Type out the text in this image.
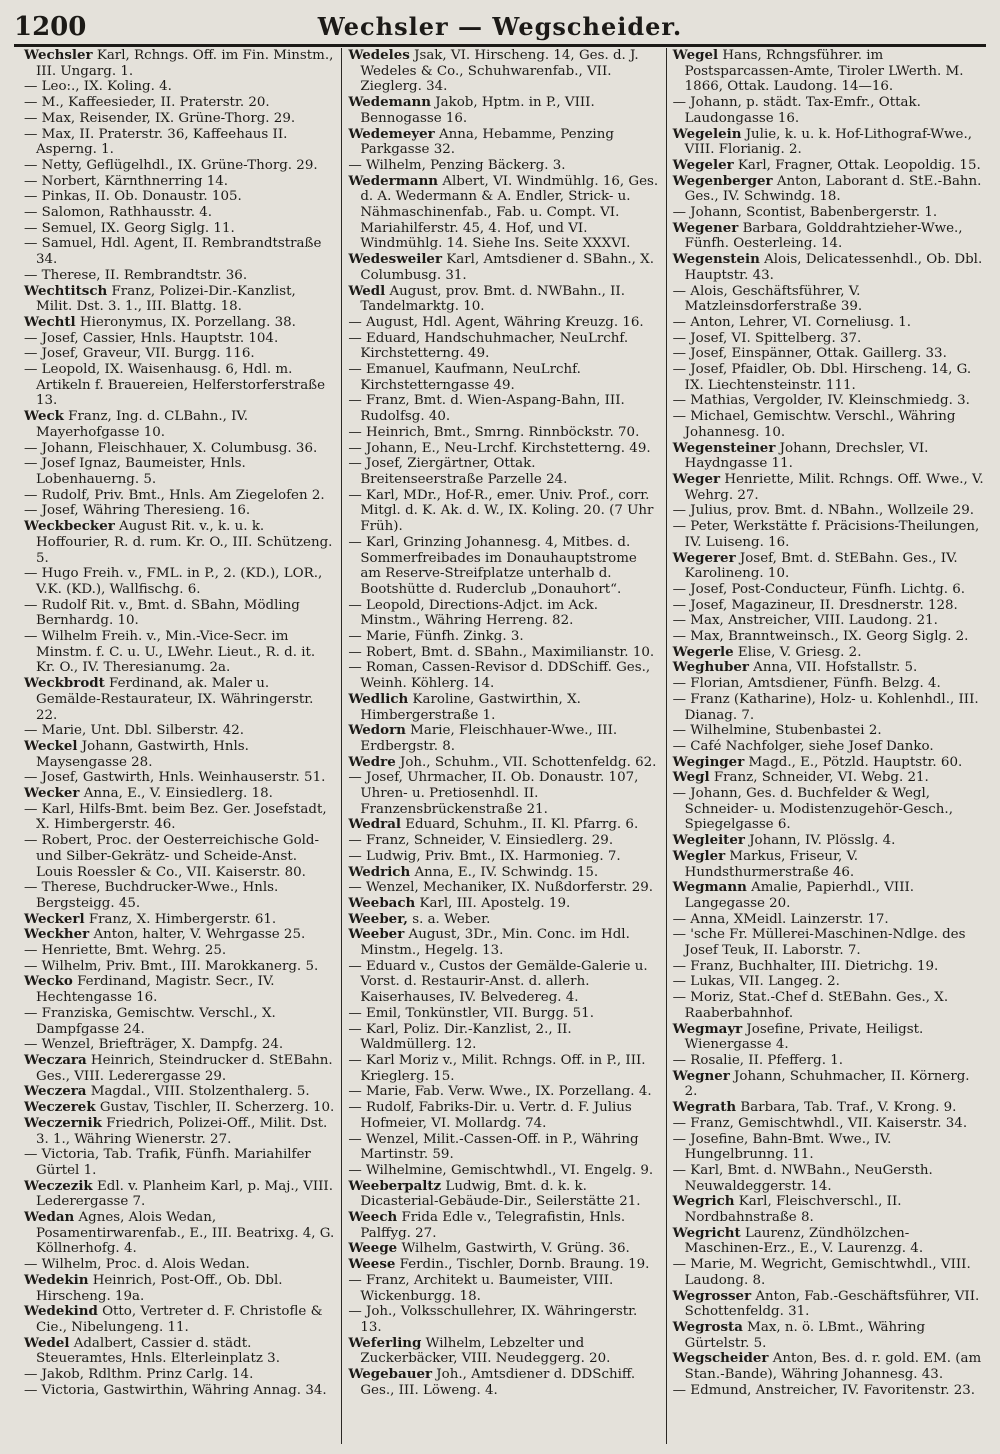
1200	Wechsler — Wegscheider.

Wechsler Karl, Rchngs. Off. im Fin. Minstm., III. Ungarg. 1.

— Leo:., IX. Koling. 4.

— M., Kaffeesieder, II. Praterstr. 20.

— Max, Reisender, IX. Grüne-Thorg. 29.

— Max, II. Praterstr. 36, Kaffeehaus II. Asperng. 1.

— Netty, Geflügelhdl., IX. Grüne-Thorg. 29.

— Norbert, Kärnthnerring 14.

— Pinkas, II. Ob. Donaustr. 105.

— Salomon, Rathhausstr. 4.

— Semuel, IX. Georg Siglg. 11.

— Samuel, Hdl. Agent, II. Rembrandtstraße 34.

— Therese, II. Rembrandtstr. 36.

Wechtitsch Franz, Polizei-Dir.-Kanzlist, Milit. Dst. 3. 1., III. Blattg. 18.

Wechtl Hieronymus, IX. Porzellang. 38.

— Josef, Cassier, Hnls. Hauptstr. 104.

— Josef, Graveur, VII. Burgg. 116.

— Leopold, IX. Waisenhausg. 6, Hdl. m. Artikeln f. Brauereien, Helferstorferstraße 13.

Weck Franz, Ing. d. CLBahn., IV. Mayerhofgasse 10.

— Johann, Fleischhauer, X. Columbusg. 36.

— Josef Ignaz, Baumeister, Hnls. Lobenhauerng. 5.

— Rudolf, Priv. Bmt., Hnls. Am Ziegelofen 2.

— Josef, Währing Theresieng. 16.

Weckbecker August Rit. v., k. u. k. Hoffourier, R. d. rum. Kr. O., III. Schützeng. 5.

— Hugo Freih. v., FML. in P., 2. (KD.), LOR., V.K. (KD.), Wallfischg. 6.

— Rudolf Rit. v., Bmt. d. SBahn, Mödling Bernhardg. 10.

— Wilhelm Freih. v., Min.-Vice-Secr. im Minstm. f. C. u. U., LWehr. Lieut., R. d. it. Kr. O., IV. Theresianumg. 2a.

Weckbrodt Ferdinand, ak. Maler u. Gemälde-Restaurateur, IX. Währingerstr. 22.

— Marie, Unt. Dbl. Silberstr. 42.

Weckel Johann, Gastwirth, Hnls. Maysengasse 28.

— Josef, Gastwirth, Hnls. Weinhauserstr. 51.

Wecker Anna, E., V. Einsiedlerg. 18.

— Karl, Hilfs-Bmt. beim Bez. Ger. Josefstadt, X. Himbergerstr. 46.

— Robert, Proc. der Oesterreichische Gold- und Silber-Gekrätz- und Scheide-Anst. Louis Roessler & Co., VII. Kaiserstr. 80.

— Therese, Buchdrucker-Wwe., Hnls. Bergsteigg. 45.

Weckerl Franz, X. Himbergerstr. 61.

Weckher Anton, halter, V. Wehrgasse 25.

— Henriette, Bmt. Wehrg. 25.

— Wilhelm, Priv. Bmt., III. Marokkanerg. 5.

Wecko Ferdinand, Magistr. Secr., IV. Hechtengasse 16.

— Franziska, Gemischtw. Verschl., X. Dampfgasse 24.

— Wenzel, Briefträger, X. Dampfg. 24.

Weczara Heinrich, Steindrucker d. StEBahn. Ges., VIII. Lederergasse 29.

Weczera Magdal., VIII. Stolzenthalerg. 5.

Weczerek Gustav, Tischler, II. Scherzerg. 10.

Weczernik Friedrich, Polizei-Off., Milit. Dst. 3. 1., Währing Wienerstr. 27.

— Victoria, Tab. Trafik, Fünfh. Mariahilfer Gürtel 1.

Weczezik Edl. v. Planheim Karl, p. Maj., VIII. Lederergasse 7.

Wedan Agnes, Alois Wedan, Posamentirwarenfab., E., III. Beatrixg. 4, G. Köllnerhofg. 4.

— Wilhelm, Proc. d. Alois Wedan.

Wedekin Heinrich, Post-Off., Ob. Dbl. Hirscheng. 19a.

Wedekind Otto, Vertreter d. F. Christofle & Cie., Nibelungeng. 11.

Wedel Adalbert, Cassier d. städt. Steueramtes, Hnls. Elterleinplatz 3.

— Jakob, Rdlthm. Prinz Carlg. 14.

— Victoria, Gastwirthin, Währing Annag. 34.

Wedeles Jsak, VI. Hirscheng. 14, Ges. d. J. Wedeles & Co., Schuhwarenfab., VII. Zieglerg. 34.

Wedemann Jakob, Hptm. in P., VIII. Bennogasse 16.

Wedemeyer Anna, Hebamme, Penzing Parkgasse 32.

— Wilhelm, Penzing Bäckerg. 3.

Wedermann Albert, VI. Windmühlg. 16, Ges. d. A. Wedermann & A. Endler, Strick- u. Nähmaschinenfab., Fab. u. Compt. VI. Mariahilferstr. 45, 4. Hof, und VI. Windmühlg. 14. Siehe Ins. Seite XXXVI.

Wedesweiler Karl, Amtsdiener d. SBahn., X. Columbusg. 31.

Wedl August, prov. Bmt. d. NWBahn., II. Tandelmarktg. 10.

— August, Hdl. Agent, Währing Kreuzg. 16.

— Eduard, Handschuhmacher, NeuLrchf. Kirchstetterng. 49.

— Emanuel, Kaufmann, NeuLrchf. Kirchstetterngasse 49.

— Franz, Bmt. d. Wien-Aspang-Bahn, III. Rudolfsg. 40.

— Heinrich, Bmt., Smrng. Rinnböckstr. 70.

— Johann, E., Neu-Lrchf. Kirchstetterng. 49.

— Josef, Ziergärtner, Ottak. Breitenseerstraße Parzelle 24.

— Karl, MDr., Hof-R., emer. Univ. Prof., corr. Mitgl. d. K. Ak. d. W., IX. Koling. 20. (7 Uhr Früh).

— Karl, Grinzing Johannesg. 4, Mitbes. d. Sommerfreibades im Donauhauptstrome am Reserve-Streifplatze unterhalb d. Bootshütte d. Ruderclub „Donauhort“.

— Leopold, Directions-Adjct. im Ack. Minstm., Währing Herreng. 82.

— Marie, Fünfh. Zinkg. 3.

— Robert, Bmt. d. SBahn., Maximilianstr. 10.

— Roman, Cassen-Revisor d. DDSchiff. Ges., Weinh. Köhlerg. 14.

Wedlich Karoline, Gastwirthin, X. Himbergerstraße 1.

Wedorn Marie, Fleischhauer-Wwe., III. Erdbergstr. 8.

Wedre Joh., Schuhm., VII. Schottenfeldg. 62.

— Josef, Uhrmacher, II. Ob. Donaustr. 107, Uhren- u. Pretiosenhdl. II. Franzensbrückenstraße 21.

Wedral Eduard, Schuhm., II. Kl. Pfarrg. 6.

— Franz, Schneider, V. Einsiedlerg. 29.

— Ludwig, Priv. Bmt., IX. Harmonieg. 7.

Wedrich Anna, E., IV. Schwindg. 15.

— Wenzel, Mechaniker, IX. Nußdorferstr. 29.

Weebach Karl, III. Apostelg. 19.

Weeber, s. a. Weber.

Weeber August, 3Dr., Min. Conc. im Hdl. Minstm., Hegelg. 13.

— Eduard v., Custos der Gemälde-Galerie u. Vorst. d. Restaurir-Anst. d. allerh. Kaiserhauses, IV. Belvedereg. 4.

— Emil, Tonkünstler, VII. Burgg. 51.

— Karl, Poliz. Dir.-Kanzlist, 2., II. Waldmüllerg. 12.

— Karl Moriz v., Milit. Rchngs. Off. in P., III. Krieglerg. 15.

— Marie, Fab. Verw. Wwe., IX. Porzellang. 4.

— Rudolf, Fabriks-Dir. u. Vertr. d. F. Julius Hofmeier, VI. Mollardg. 74.

— Wenzel, Milit.-Cassen-Off. in P., Währing Martinstr. 59.

— Wilhelmine, Gemischtwhdl., VI. Engelg. 9.

Weeberpaltz Ludwig, Bmt. d. k. k. Dicasterial-Gebäude-Dir., Seilerstätte 21.

Weech Frida Edle v., Telegrafistin, Hnls. Palffyg. 27.

Weege Wilhelm, Gastwirth, V. Grüng. 36.

Weese Ferdin., Tischler, Dornb. Braung. 19.

— Franz, Architekt u. Baumeister, VIII. Wickenburgg. 18.

— Joh., Volksschullehrer, IX. Währingerstr. 13.

Weferling Wilhelm, Lebzelter und Zuckerbäcker, VIII. Neudeggerg. 20.

Wegebauer Joh., Amtsdiener d. DDSchiff. Ges., III. Löweng. 4.

Wegel Hans, Rchngsführer. im Postsparcassen-Amte, Tiroler LWerth. M. 1866, Ottak. Laudong. 14—16.

— Johann, p. städt. Tax-Emfr., Ottak. Laudongasse 16.

Wegelein Julie, k. u. k. Hof-Lithograf-Wwe., VIII. Florianig. 2.

Wegeler Karl, Fragner, Ottak. Leopoldig. 15.

Wegenberger Anton, Laborant d. StE.-Bahn. Ges., IV. Schwindg. 18.

— Johann, Scontist, Babenbergerstr. 1.

Wegener Barbara, Golddrahtzieher-Wwe., Fünfh. Oesterleing. 14.

Wegenstein Alois, Delicatessenhdl., Ob. Dbl. Hauptstr. 43.

— Alois, Geschäftsführer, V. Matzleinsdorferstraße 39.

— Anton, Lehrer, VI. Corneliusg. 1.

— Josef, VI. Spittelberg. 37.

— Josef, Einspänner, Ottak. Gaillerg. 33.

— Josef, Pfaidler, Ob. Dbl. Hirscheng. 14, G. IX. Liechtensteinstr. 111.

— Mathias, Vergolder, IV. Kleinschmiedg. 3.

— Michael, Gemischtw. Verschl., Währing Johannesg. 10.

Wegensteiner Johann, Drechsler, VI. Haydngasse 11.

Weger Henriette, Milit. Rchngs. Off. Wwe., V. Wehrg. 27.

— Julius, prov. Bmt. d. NBahn., Wollzeile 29.

— Peter, Werkstätte f. Präcisions-Theilungen, IV. Luiseng. 16.

Wegerer Josef, Bmt. d. StEBahn. Ges., IV. Karolineng. 10.

— Josef, Post-Conducteur, Fünfh. Lichtg. 6.

— Josef, Magazineur, II. Dresdnerstr. 128.

— Max, Anstreicher, VIII. Laudong. 21.

— Max, Branntweinsch., IX. Georg Siglg. 2.

Wegerle Elise, V. Griesg. 2.

Weghuber Anna, VII. Hofstallstr. 5.

— Florian, Amtsdiener, Fünfh. Belzg. 4.

— Franz (Katharine), Holz- u. Kohlenhdl., III. Dianag. 7.

— Wilhelmine, Stubenbastei 2.

— Café Nachfolger, siehe Josef Danko.

Weginger Magd., E., Pötzld. Hauptstr. 60.

Wegl Franz, Schneider, VI. Webg. 21.

— Johann, Ges. d. Buchfelder & Wegl, Schneider- u. Modistenzugehör-Gesch., Spiegelgasse 6.

Wegleiter Johann, IV. Plösslg. 4.

Wegler Markus, Friseur, V. Hundsthurmerstraße 46.

Wegmann Amalie, Papierhdl., VIII. Langegasse 20.

— Anna, XMeidl. Lainzerstr. 17.

— 'sche Fr. Müllerei-Maschinen-Ndlge. des Josef Teuk, II. Laborstr. 7.

— Franz, Buchhalter, III. Dietrichg. 19.

— Lukas, VII. Langeg. 2.

— Moriz, Stat.-Chef d. StEBahn. Ges., X. Raaberbahnhof.

Wegmayr Josefine, Private, Heiligst. Wienergasse 4.

— Rosalie, II. Pfefferg. 1.

Wegner Johann, Schuhmacher, II. Körnerg. 2.

Wegrath Barbara, Tab. Traf., V. Krong. 9.

— Franz, Gemischtwhdl., VII. Kaiserstr. 34.

— Josefine, Bahn-Bmt. Wwe., IV. Hungelbrunng. 11.

— Karl, Bmt. d. NWBahn., NeuGersth. Neuwaldeggerstr. 14.

Wegrich Karl, Fleischverschl., II. Nordbahnstraße 8.

Wegricht Laurenz, Zündhölzchen-Maschinen-Erz., E., V. Laurenzg. 4.

— Marie, M. Wegricht, Gemischtwhdl., VIII. Laudong. 8.

Wegrosser Anton, Fab.-Geschäftsführer, VII. Schottenfeldg. 31.

Wegrosta Max, n. ö. LBmt., Währing Gürtelstr. 5.

Wegscheider Anton, Bes. d. r. gold. EM. (am Stan.-Bande), Währing Johannesg. 43.

— Edmund, Anstreicher, IV. Favoritenstr. 23.
